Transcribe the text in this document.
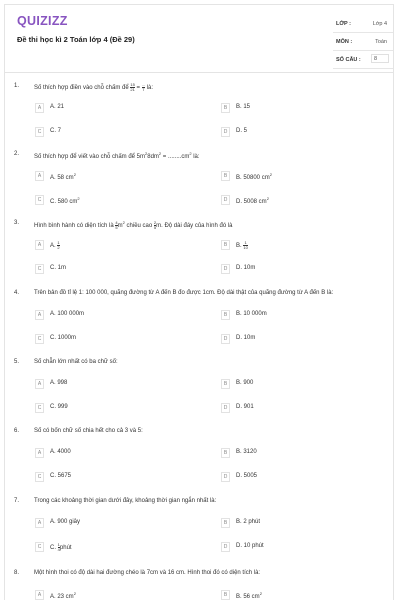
QUIZIZZ
Đề thi học kì 2 Toán lớp 4 (Đề 29)
LỚP :	Lớp 4
MÔN :	Toán
SỐ CÂU :	8
1. Số thích hợp điền vào chỗ chấm để $\frac{15}{21} = \frac{...}{7}$ là:
A	A. 21	B	B. 15
C	C. 7	D	D. 5
2. Số thích hợp để viết vào chỗ chấm để $5m^28dm^2 = ........cm^2$ là:
A	A. 58 $cm^2$	B	B. 50800 $cm^2$
C	C. 580 $cm^2$	D	D. 5008 $cm^2$
3. Hình bình hành có diện tích là $\frac{4}{5} m^2$ chiều cao $\frac{2}{5} m$. Độ dài đáy của hình đó là
A	A. $\frac{1}{2}$	B	B. $\frac{1}{10}$
C	C. 1m	D	D. 10m
4. Trên bản đồ tỉ lệ 1: 100 000, quãng đường từ A đến B đo được 1cm. Độ dài thật của quãng đường từ A đến B là:
A	A. 100 000m	B	B. 10 000m
C	C. 1000m	D	D. 10m
5. Số chẵn lớn nhất có ba chữ số:
A	A. 998	B	B. 900
C	C. 999	D	D. 901
6. Số có bốn chữ số chia hết cho cả 3 và 5:
A	A. 4000	B	B. 3120
C	C. 5675	D	D. 5005
7. Trong các khoảng thời gian dưới đây, khoảng thời gian ngắn nhất là:
A	A. 900 giây	B	B. 2 phút
C	C. $\frac{1}{4}$ phút	D	D. 10 phút
8. Một hình thoi có độ dài hai đường chéo là 7cm và 16 cm. Hình thoi đó có diện tích là:
A	A. 23 $cm^2$	B	B. 56 $cm^2$
